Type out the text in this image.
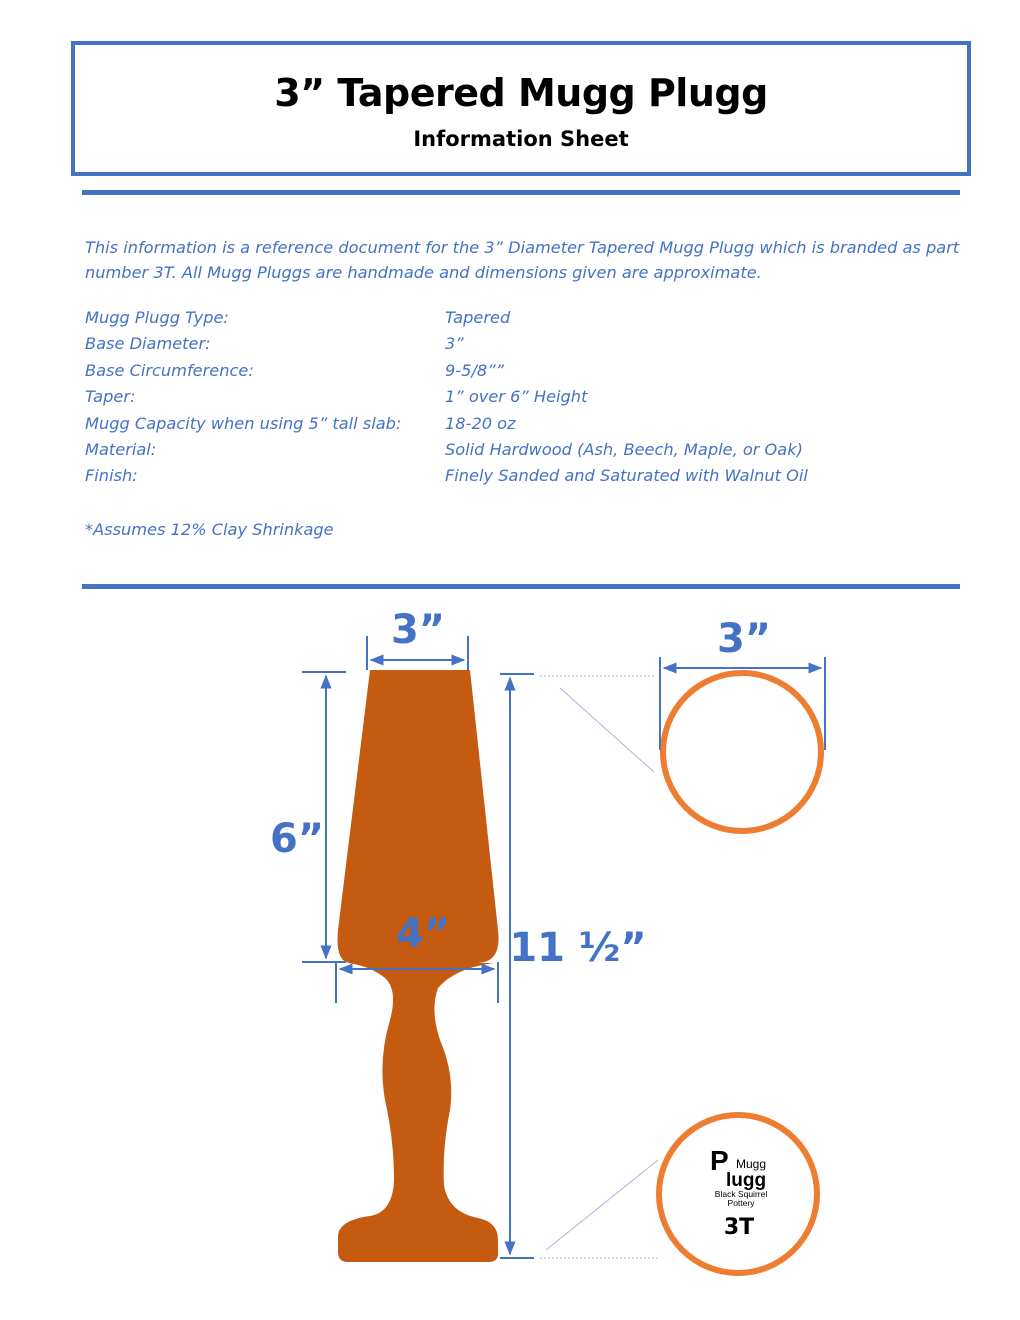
3” Tapered Mugg Plugg
Information Sheet
This information is a reference document for the 3” Diameter Tapered Mugg Plugg which is branded as part number 3T. All Mugg Pluggs are handmade and dimensions given are approximate.
Mugg Plugg Type:	Tapered
Base Diameter:	3”
Base Circumference:	9-5/8””
Taper:	1” over 6” Height
Mugg Capacity when using 5” tall slab:	18-20 oz
Material:	Solid Hardwood (Ash, Beech, Maple, or Oak)
Finish:	Finely Sanded and Saturated with Walnut Oil
*Assumes 12% Clay Shrinkage
3”
6”
4” 11 ½”
3”
P Mugg
lugg
Black Squirrel
Pottery
3T
